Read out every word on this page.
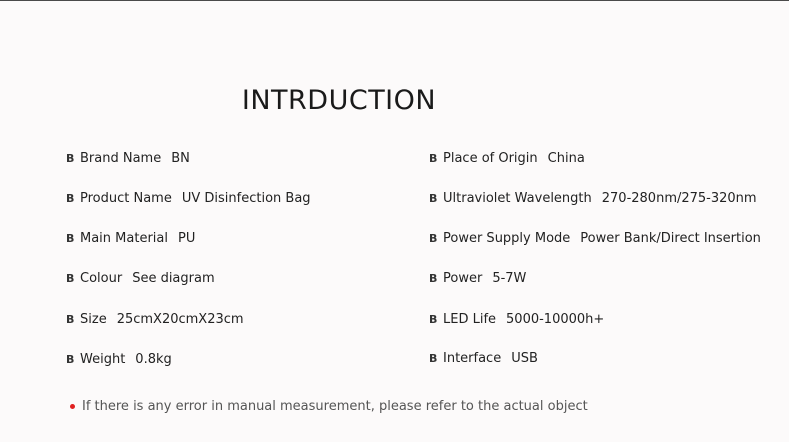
INTRDUCTION
B Brand Name BN
B Product Name UV Disinfection Bag
B Main Material PU
B Colour See diagram
B Size 25cmX20cmX23cm
B Weight 0.8kg
B Place of Origin China
B Ultraviolet Wavelength 270-280nm/275-320nm
B Power Supply Mode Power Bank/Direct Insertion
B Power 5-7W
B LED Life 5000-10000h+
B Interface USB
If there is any error in manual measurement, please refer to the actual object
